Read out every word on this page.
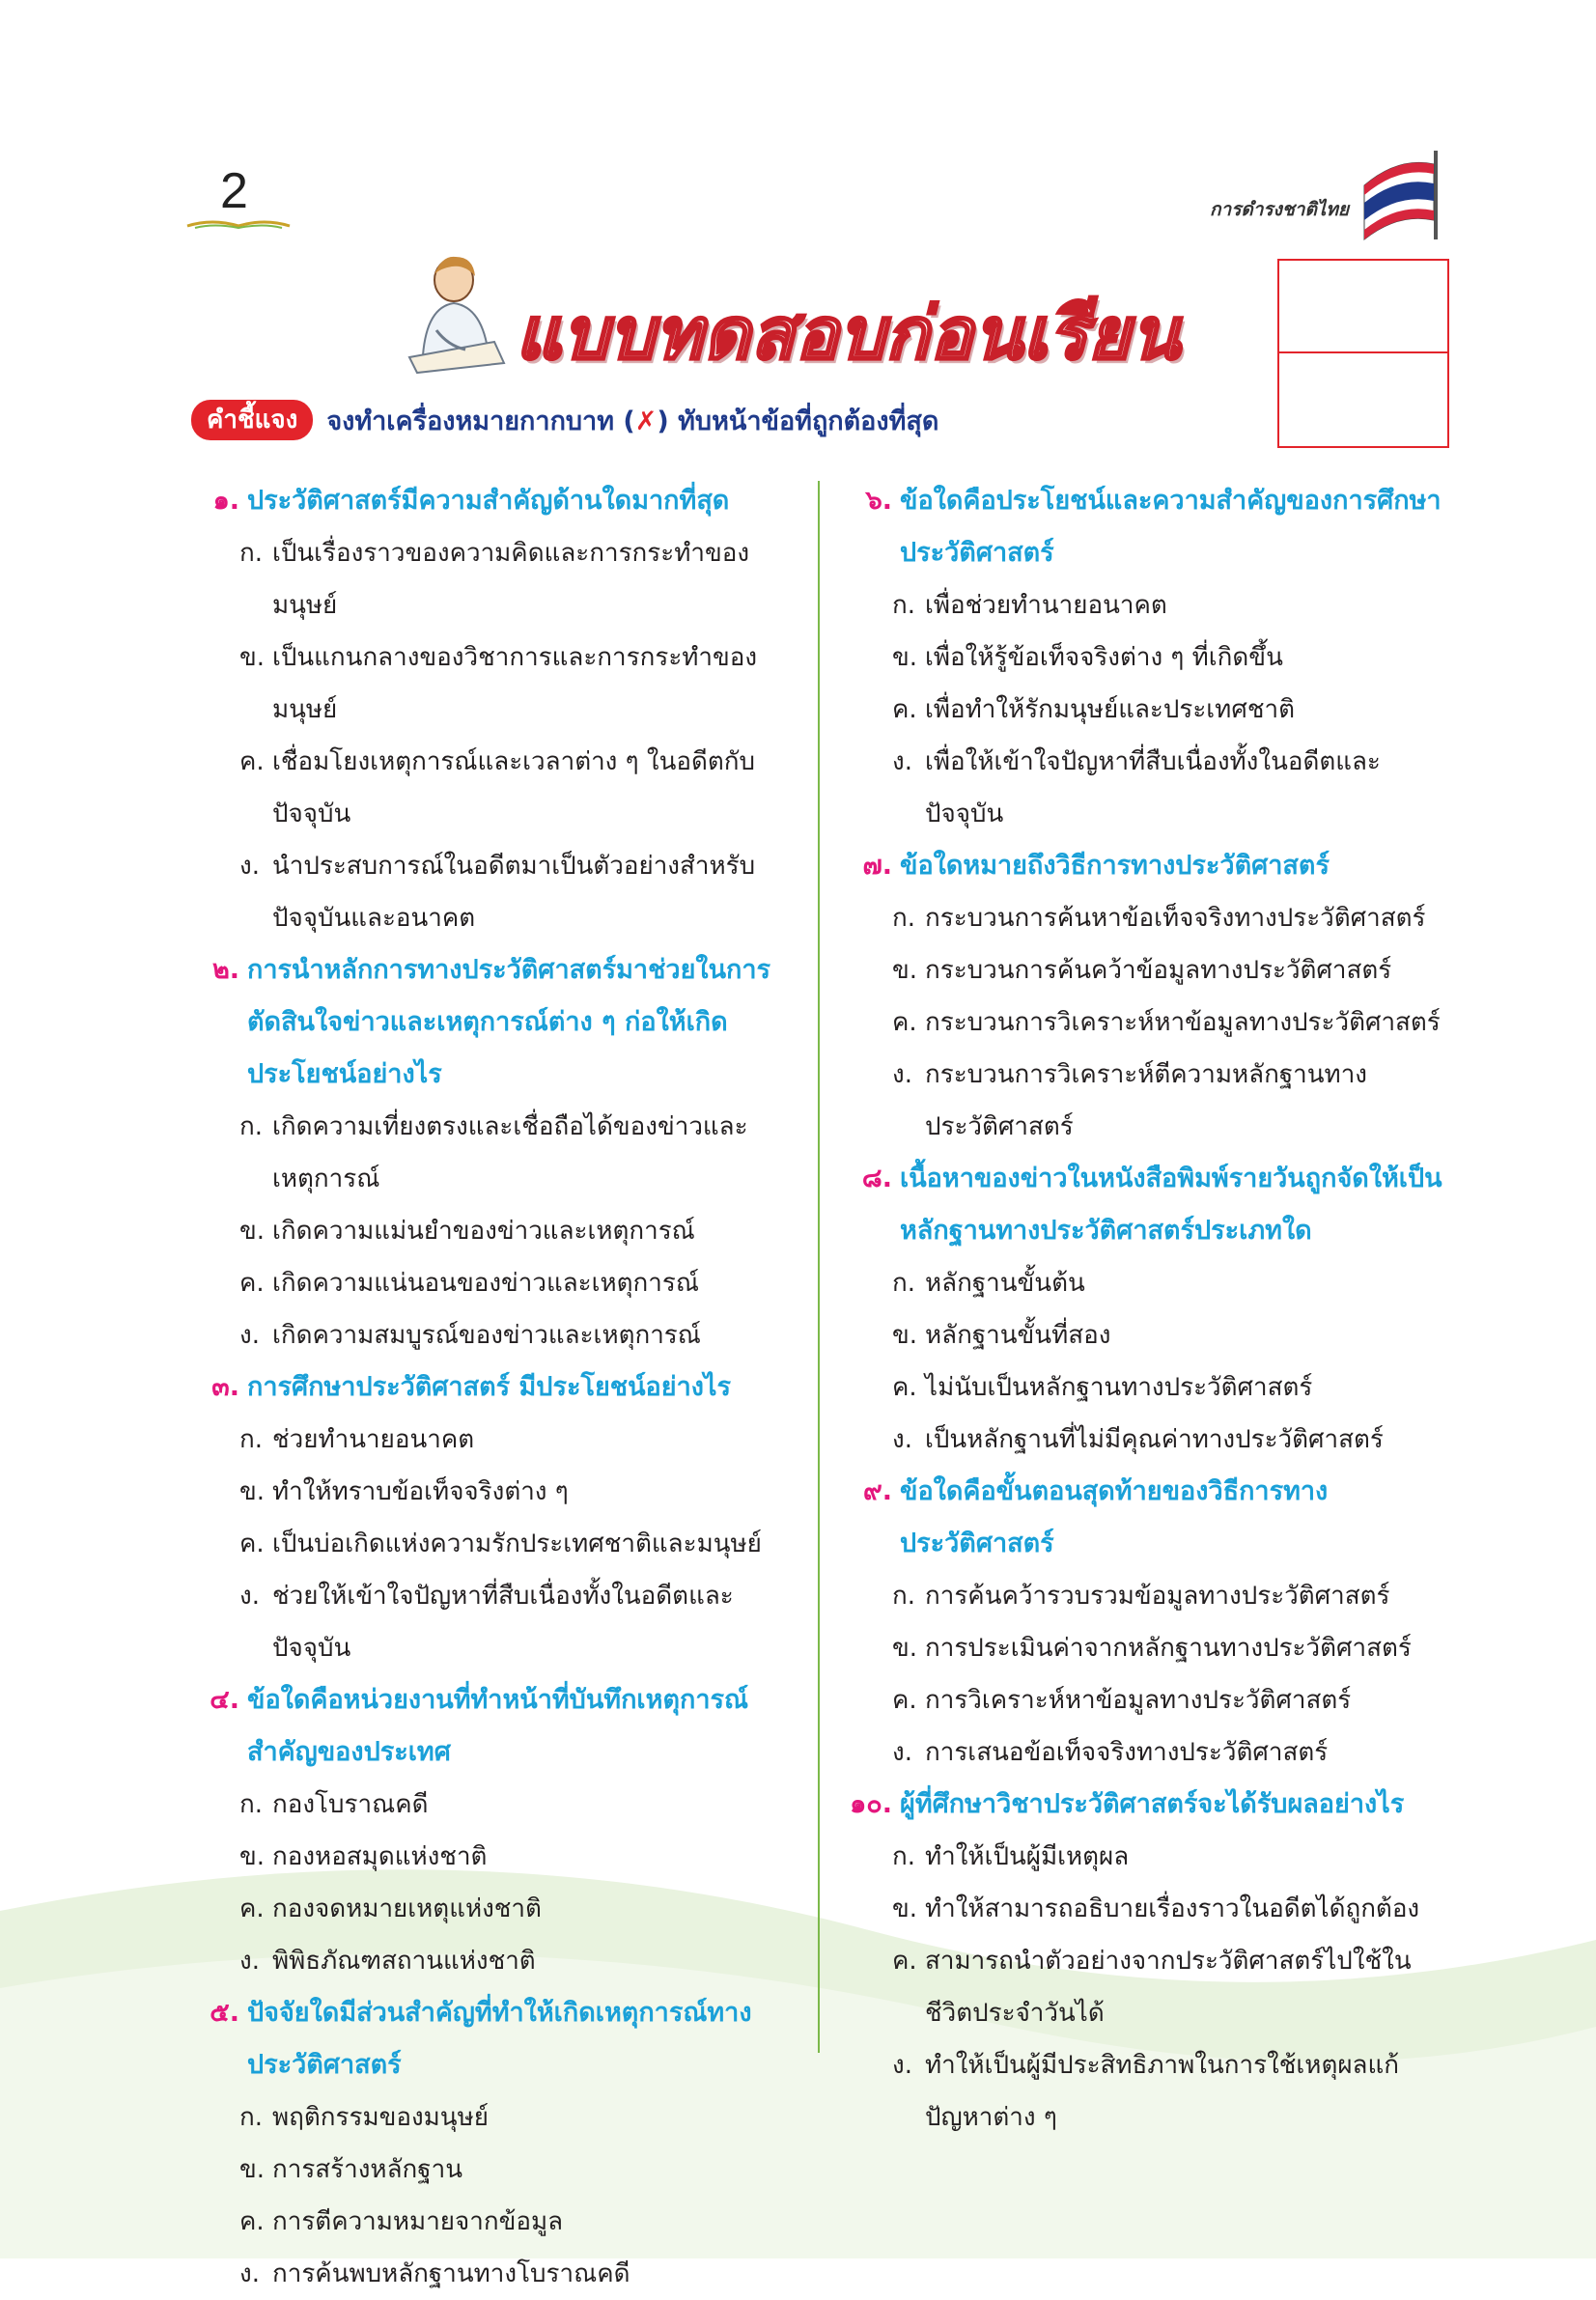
2	การดำรงชาติไทย
แบบทดสอบก่อนเรียน
คำชี้แจง	จงทำเครื่องหมายกากบาท (✗) ทับหน้าข้อที่ถูกต้องที่สุด
๑. ประวัติศาสตร์มีความสำคัญด้านใดมากที่สุด
ก. เป็นเรื่องราวของความคิดและการกระทำของมนุษย์
ข. เป็นแกนกลางของวิชาการและการกระทำของมนุษย์
ค. เชื่อมโยงเหตุการณ์และเวลาต่าง ๆ ในอดีตกับปัจจุบัน
ง. นำประสบการณ์ในอดีตมาเป็นตัวอย่างสำหรับปัจจุบันและอนาคต
๒. การนำหลักการทางประวัติศาสตร์มาช่วยในการตัดสินใจข่าวและเหตุการณ์ต่าง ๆ ก่อให้เกิดประโยชน์อย่างไร
ก. เกิดความเที่ยงตรงและเชื่อถือได้ของข่าวและเหตุการณ์
ข. เกิดความแม่นยำของข่าวและเหตุการณ์
ค. เกิดความแน่นอนของข่าวและเหตุการณ์
ง. เกิดความสมบูรณ์ของข่าวและเหตุการณ์
๓. การศึกษาประวัติศาสตร์ มีประโยชน์อย่างไร
ก. ช่วยทำนายอนาคต
ข. ทำให้ทราบข้อเท็จจริงต่าง ๆ
ค. เป็นบ่อเกิดแห่งความรักประเทศชาติและมนุษย์
ง. ช่วยให้เข้าใจปัญหาที่สืบเนื่องทั้งในอดีตและปัจจุบัน
๔. ข้อใดคือหน่วยงานที่ทำหน้าที่บันทึกเหตุการณ์สำคัญของประเทศ
ก. กองโบราณคดี
ข. กองหอสมุดแห่งชาติ
ค. กองจดหมายเหตุแห่งชาติ
ง. พิพิธภัณฑสถานแห่งชาติ
๕. ปัจจัยใดมีส่วนสำคัญที่ทำให้เกิดเหตุการณ์ทางประวัติศาสตร์
ก. พฤติกรรมของมนุษย์
ข. การสร้างหลักฐาน
ค. การตีความหมายจากข้อมูล
ง. การค้นพบหลักฐานทางโบราณคดี
๖. ข้อใดคือประโยชน์และความสำคัญของการศึกษาประวัติศาสตร์
ก. เพื่อช่วยทำนายอนาคต
ข. เพื่อให้รู้ข้อเท็จจริงต่าง ๆ ที่เกิดขึ้น
ค. เพื่อทำให้รักมนุษย์และประเทศชาติ
ง. เพื่อให้เข้าใจปัญหาที่สืบเนื่องทั้งในอดีตและปัจจุบัน
๗. ข้อใดหมายถึงวิธีการทางประวัติศาสตร์
ก. กระบวนการค้นหาข้อเท็จจริงทางประวัติศาสตร์
ข. กระบวนการค้นคว้าข้อมูลทางประวัติศาสตร์
ค. กระบวนการวิเคราะห์หาข้อมูลทางประวัติศาสตร์
ง. กระบวนการวิเคราะห์ตีความหลักฐานทางประวัติศาสตร์
๘. เนื้อหาของข่าวในหนังสือพิมพ์รายวันถูกจัดให้เป็นหลักฐานทางประวัติศาสตร์ประเภทใด
ก. หลักฐานขั้นต้น
ข. หลักฐานขั้นที่สอง
ค. ไม่นับเป็นหลักฐานทางประวัติศาสตร์
ง. เป็นหลักฐานที่ไม่มีคุณค่าทางประวัติศาสตร์
๙. ข้อใดคือขั้นตอนสุดท้ายของวิธีการทางประวัติศาสตร์
ก. การค้นคว้ารวบรวมข้อมูลทางประวัติศาสตร์
ข. การประเมินค่าจากหลักฐานทางประวัติศาสตร์
ค. การวิเคราะห์หาข้อมูลทางประวัติศาสตร์
ง. การเสนอข้อเท็จจริงทางประวัติศาสตร์
๑๐. ผู้ที่ศึกษาวิชาประวัติศาสตร์จะได้รับผลอย่างไร
ก. ทำให้เป็นผู้มีเหตุผล
ข. ทำให้สามารถอธิบายเรื่องราวในอดีตได้ถูกต้อง
ค. สามารถนำตัวอย่างจากประวัติศาสตร์ไปใช้ในชีวิตประจำวันได้
ง. ทำให้เป็นผู้มีประสิทธิภาพในการใช้เหตุผลแก้ปัญหาต่าง ๆ
